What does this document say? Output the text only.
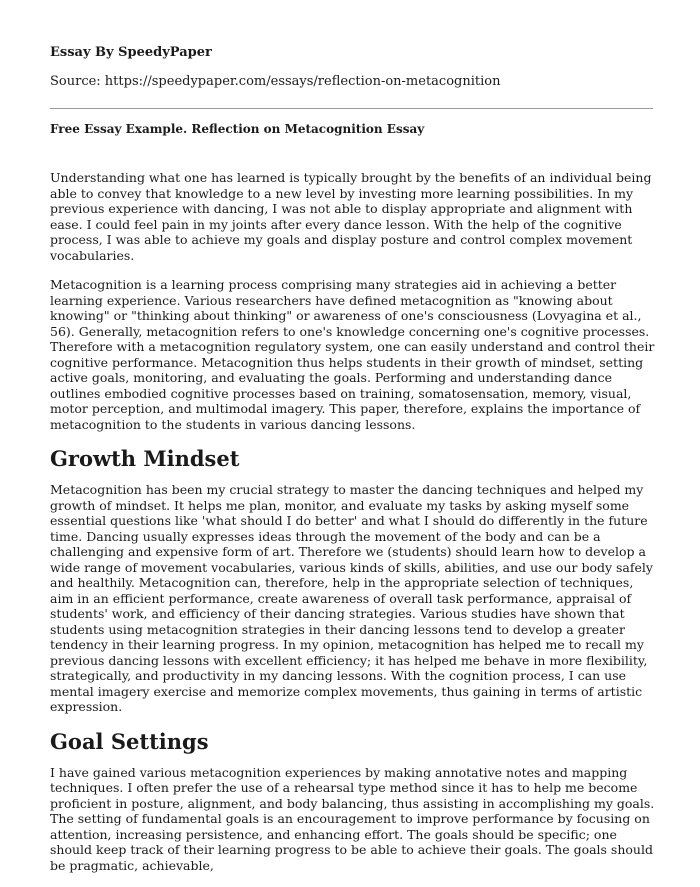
Essay By SpeedyPaper

Source: https://speedypaper.com/essays/reflection-on-metacognition

Free Essay Example. Reflection on Metacognition Essay

Understanding what one has learned is typically brought by the benefits of an individual being able to convey that knowledge to a new level by investing more learning possibilities. In my previous experience with dancing, I was not able to display appropriate and alignment with ease. I could feel pain in my joints after every dance lesson. With the help of the cognitive process, I was able to achieve my goals and display posture and control complex movement vocabularies.

Metacognition is a learning process comprising many strategies aid in achieving a better learning experience. Various researchers have defined metacognition as "knowing about knowing" or "thinking about thinking" or awareness of one's consciousness (Lovyagina et al., 56). Generally, metacognition refers to one's knowledge concerning one's cognitive processes. Therefore with a metacognition regulatory system, one can easily understand and control their cognitive performance. Metacognition thus helps students in their growth of mindset, setting active goals, monitoring, and evaluating the goals. Performing and understanding dance outlines embodied cognitive processes based on training, somatosensation, memory, visual, motor perception, and multimodal imagery. This paper, therefore, explains the importance of metacognition to the students in various dancing lessons.

Growth Mindset

Metacognition has been my crucial strategy to master the dancing techniques and helped my growth of mindset. It helps me plan, monitor, and evaluate my tasks by asking myself some essential questions like 'what should I do better' and what I should do differently in the future time. Dancing usually expresses ideas through the movement of the body and can be a challenging and expensive form of art. Therefore we (students) should learn how to develop a wide range of movement vocabularies, various kinds of skills, abilities, and use our body safely and healthily. Metacognition can, therefore, help in the appropriate selection of techniques, aim in an efficient performance, create awareness of overall task performance, appraisal of students' work, and efficiency of their dancing strategies. Various studies have shown that students using metacognition strategies in their dancing lessons tend to develop a greater tendency in their learning progress. In my opinion, metacognition has helped me to recall my previous dancing lessons with excellent efficiency; it has helped me behave in more flexibility, strategically, and productivity in my dancing lessons. With the cognition process, I can use mental imagery exercise and memorize complex movements, thus gaining in terms of artistic expression.

Goal Settings

I have gained various metacognition experiences by making annotative notes and mapping techniques. I often prefer the use of a rehearsal type method since it has to help me become proficient in posture, alignment, and body balancing, thus assisting in accomplishing my goals. The setting of fundamental goals is an encouragement to improve performance by focusing on attention, increasing persistence, and enhancing effort. The goals should be specific; one should keep track of their learning progress to be able to achieve their goals. The goals should be pragmatic, achievable,
